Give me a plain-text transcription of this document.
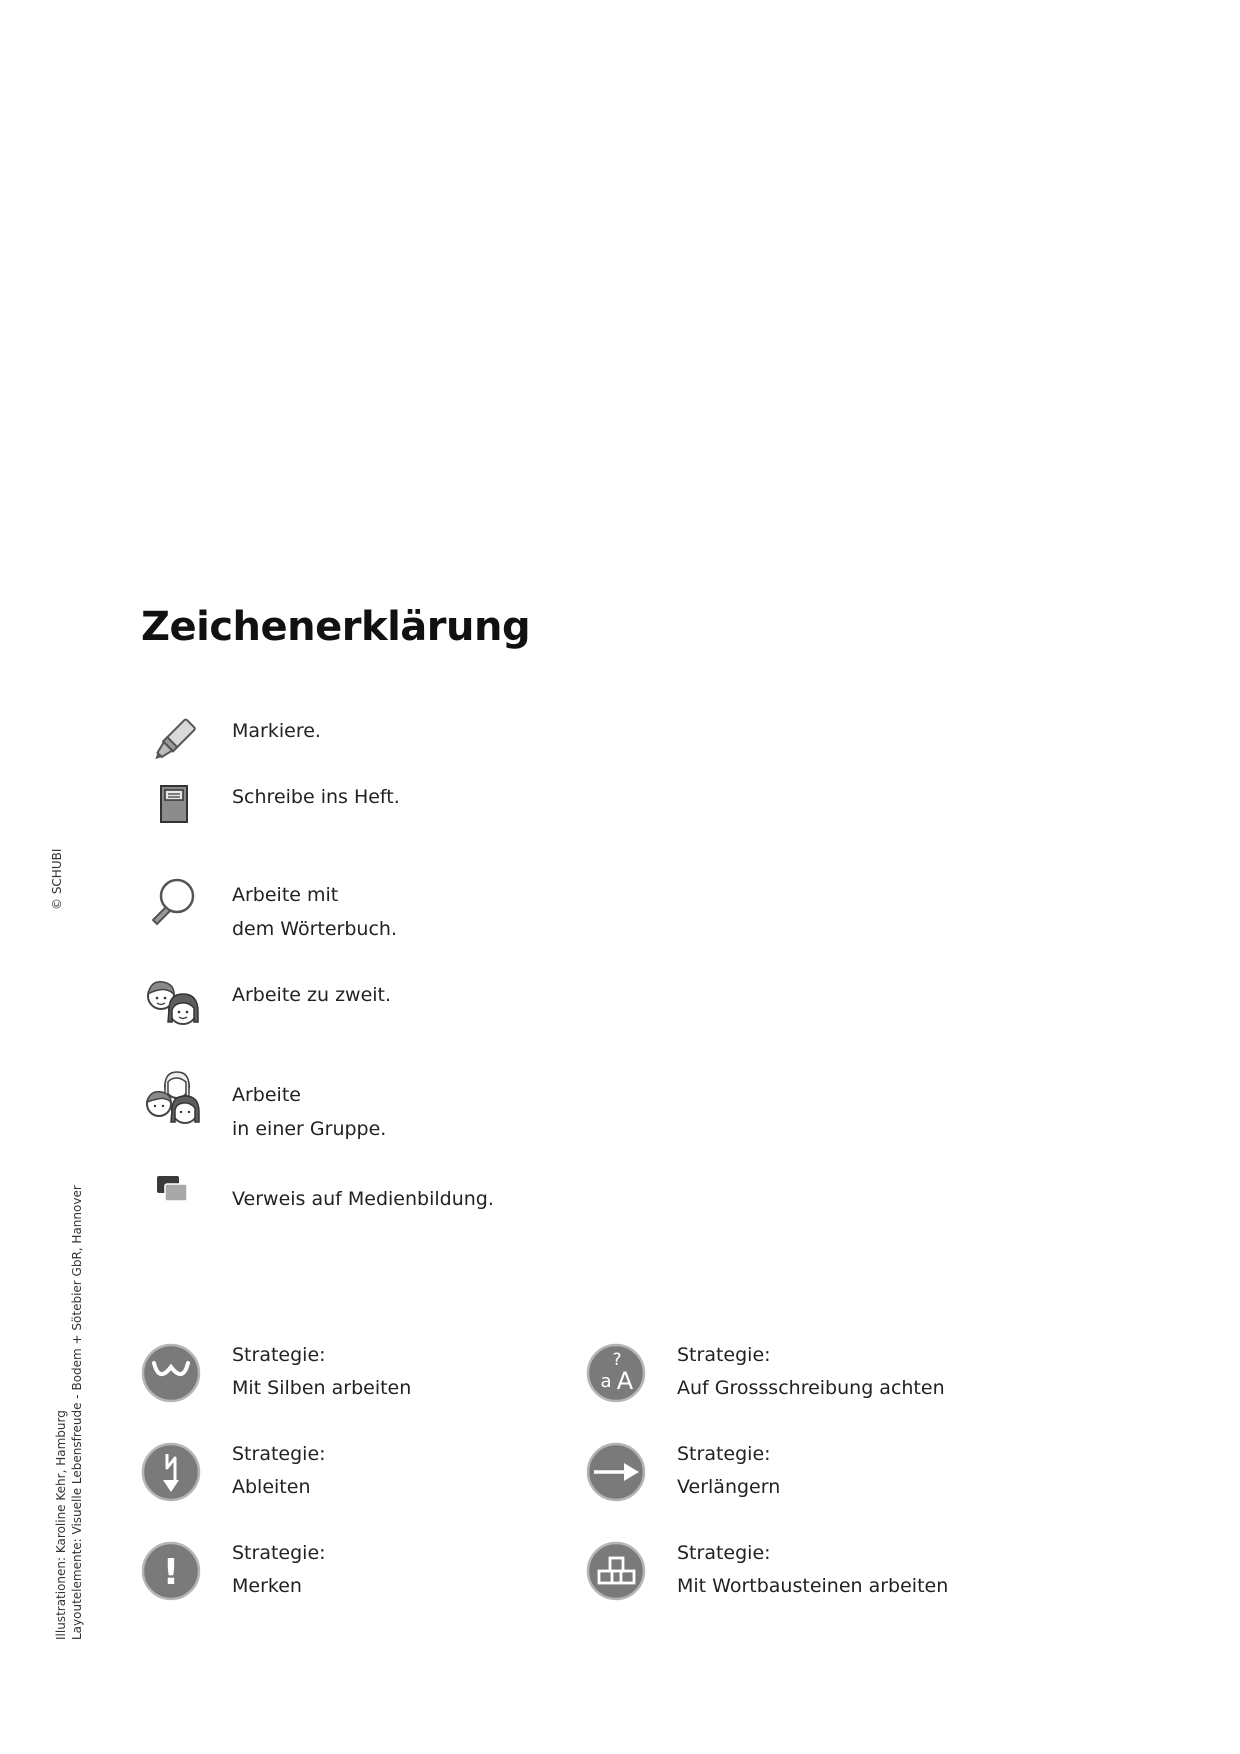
© SCHUBI
Illustrationen: Karoline Kehr, Hamburg Layoutelemente: Visuelle Lebensfreude - Bodem + Sötebier GbR, Hannover
Zeichenerklärung
Markiere.
Schreibe ins Heft.
Arbeite mit
dem Wörterbuch.
Arbeite zu zweit.
Arbeite
in einer Gruppe.
Verweis auf Medienbildung.
Strategie:
Mit Silben arbeiten
?
a A
Strategie:
Auf Grossschreibung achten
Strategie:
Ableiten
Strategie:
Verlängern
!	Strategie:
Merken
Strategie:
Mit Wortbausteinen arbeiten
